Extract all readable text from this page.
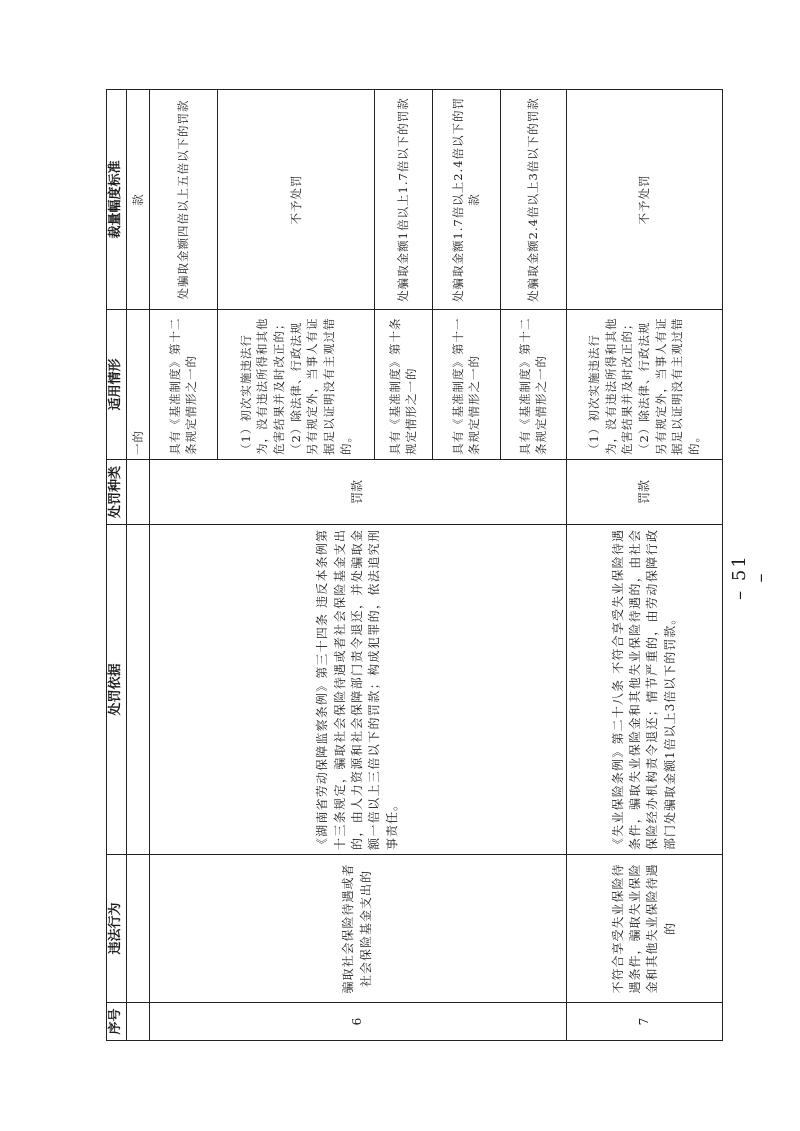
序号	违法行为	处罚依据	处罚种类	适用情形	裁量幅度标准
				一的	款
6	骗取社会保险待遇或者社会保险基金支出的	《湖南省劳动保障监察条例》第三十四条 违反本条例第十三条规定，骗取社会保险待遇或者社会保险基金支出的，由人力资源和社会保障部门责令退还，并处骗取金额一倍以上三倍以下的罚款；构成犯罪的，依法追究刑事责任。	罚款	具有《基准制度》第十二条规定情形之一的	处骗取金额四倍以上五倍以下的罚款
				（1）初次实施违法行为，没有违法所得和其他危害结果并及时改正的；
（2）除法律、行政法规另有规定外，当事人有证据足以证明没有主观过错的。	不予处罚
				具有《基准制度》第十条规定情形之一的	处骗取金额1倍以上1.7倍以下的罚款
				具有《基准制度》第十一条规定情形之一的	处骗取金额1.7倍以上2.4倍以下的罚款
				具有《基准制度》第十二条规定情形之一的	处骗取金额2.4倍以上3倍以下的罚款
7	不符合享受失业保险待遇条件，骗取失业保险金和其他失业保险待遇的	《失业保险条例》第二十八条 不符合享受失业保险待遇条件，骗取失业保险金和其他失业保险待遇的，由社会保险经办机构责令退还；情节严重的，由劳动保障行政部门处骗取金额1倍以上3倍以下的罚款。	罚款	（1）初次实施违法行为，没有违法所得和其他危害结果并及时改正的；
（2）除法律、行政法规另有规定外，当事人有证据足以证明没有主观过错的。	不予处罚
– 51 –
